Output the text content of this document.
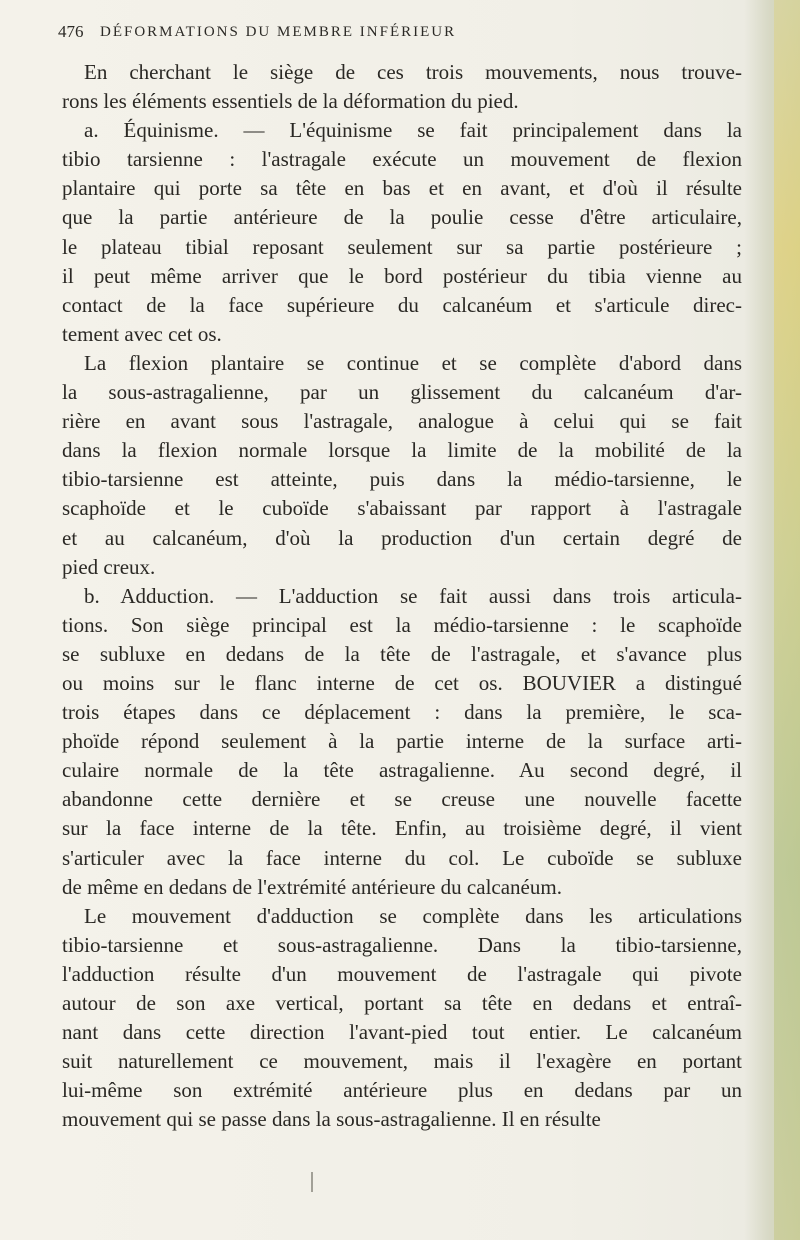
476 DÉFORMATIONS DU MEMBRE INFÉRIEUR
En cherchant le siège de ces trois mouvements, nous trouve-
rons les éléments essentiels de la déformation du pied.
a. Équinisme. — L'équinisme se fait principalement dans la
tibio tarsienne : l'astragale exécute un mouvement de flexion
plantaire qui porte sa tête en bas et en avant, et d'où il résulte
que la partie antérieure de la poulie cesse d'être articulaire,
le plateau tibial reposant seulement sur sa partie postérieure ;
il peut même arriver que le bord postérieur du tibia vienne au
contact de la face supérieure du calcanéum et s'articule direc-
tement avec cet os.
La flexion plantaire se continue et se complète d'abord dans
la sous-astragalienne, par un glissement du calcanéum d'ar-
rière en avant sous l'astragale, analogue à celui qui se fait
dans la flexion normale lorsque la limite de la mobilité de la
tibio-tarsienne est atteinte, puis dans la médio-tarsienne, le
scaphoïde et le cuboïde s'abaissant par rapport à l'astragale
et au calcanéum, d'où la production d'un certain degré de
pied creux.
b. Adduction. — L'adduction se fait aussi dans trois articula-
tions. Son siège principal est la médio-tarsienne : le scaphoïde
se subluxe en dedans de la tête de l'astragale, et s'avance plus
ou moins sur le flanc interne de cet os. BOUVIER a distingué
trois étapes dans ce déplacement : dans la première, le sca-
phoïde répond seulement à la partie interne de la surface arti-
culaire normale de la tête astragalienne. Au second degré, il
abandonne cette dernière et se creuse une nouvelle facette
sur la face interne de la tête. Enfin, au troisième degré, il vient
s'articuler avec la face interne du col. Le cuboïde se subluxe
de même en dedans de l'extrémité antérieure du calcanéum.
Le mouvement d'adduction se complète dans les articulations
tibio-tarsienne et sous-astragalienne. Dans la tibio-tarsienne,
l'adduction résulte d'un mouvement de l'astragale qui pivote
autour de son axe vertical, portant sa tête en dedans et entraî-
nant dans cette direction l'avant-pied tout entier. Le calcanéum
suit naturellement ce mouvement, mais il l'exagère en portant
lui-même son extrémité antérieure plus en dedans par un
mouvement qui se passe dans la sous-astragalienne. Il en résulte
